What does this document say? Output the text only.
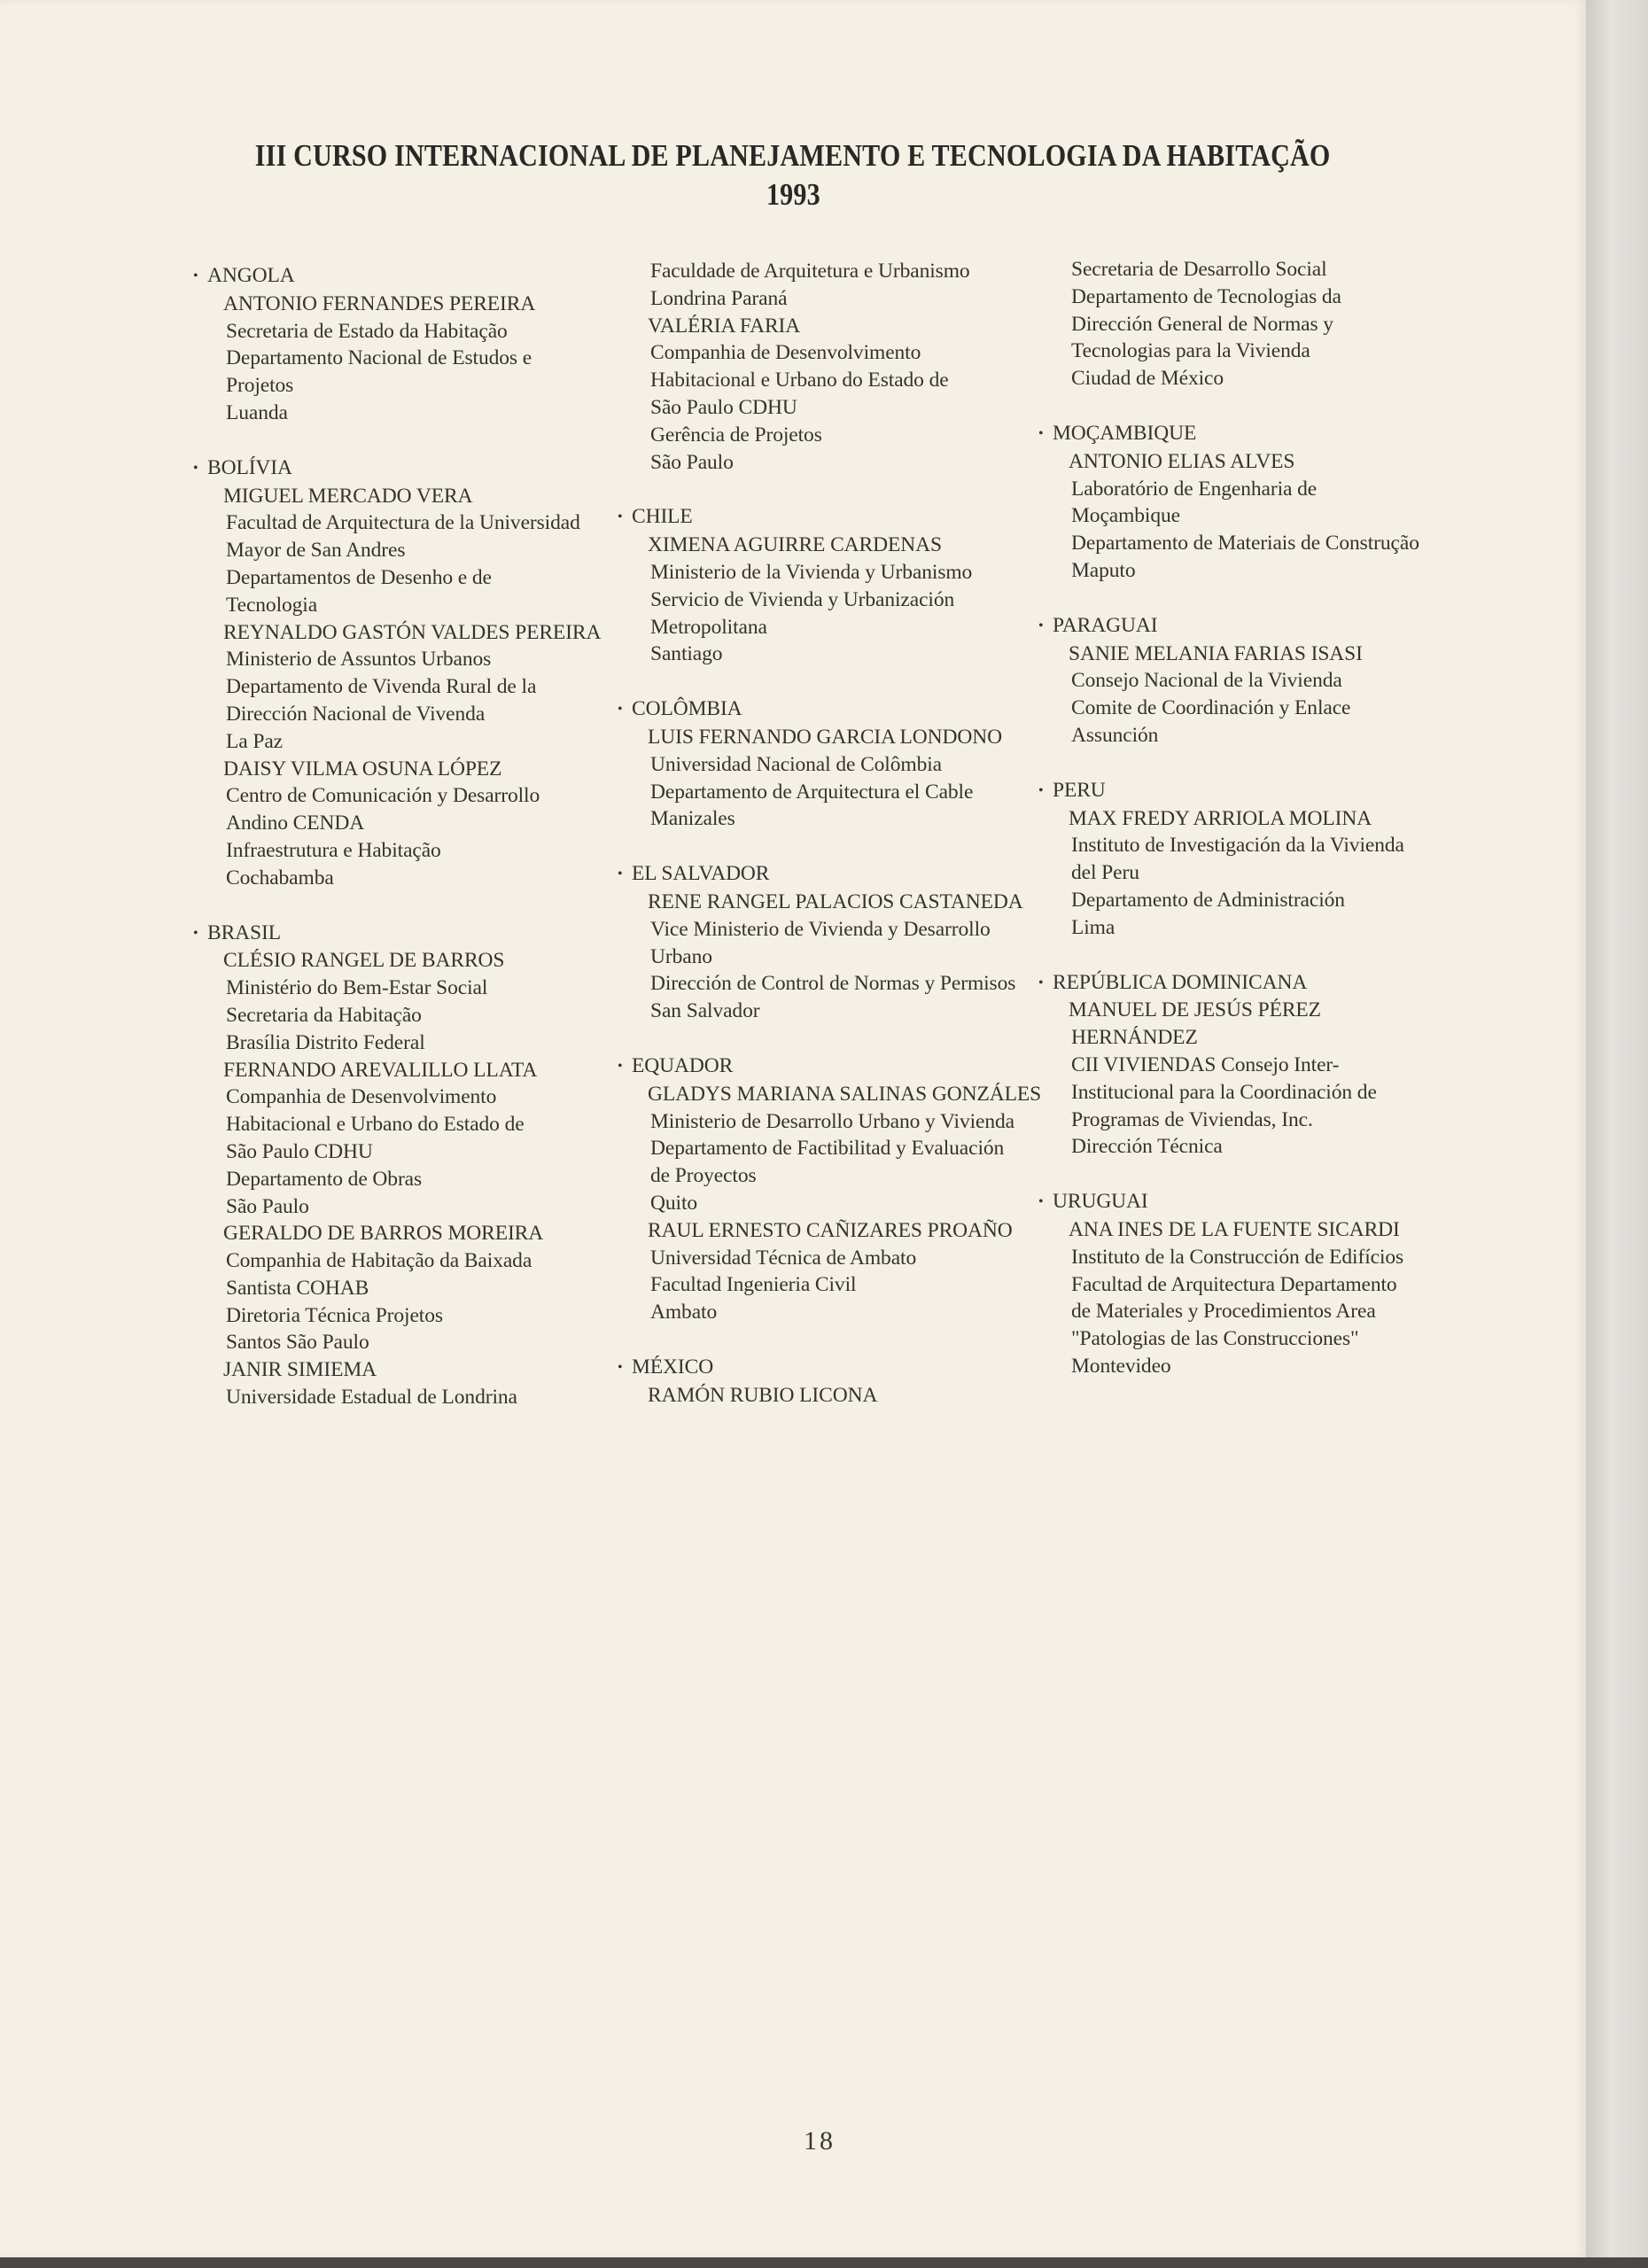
III CURSO INTERNACIONAL DE PLANEJAMENTO E TECNOLOGIA DA HABITAÇÃO
1993
• ANGOLA
ANTONIO FERNANDES PEREIRA
Secretaria de Estado da Habitação
Departamento Nacional de Estudos e
Projetos
Luanda
• BOLÍVIA
MIGUEL MERCADO VERA
Facultad de Arquitectura de la Universidad
Mayor de San Andres
Departamentos de Desenho e de
Tecnologia
REYNALDO GASTÓN VALDES PEREIRA
Ministerio de Assuntos Urbanos
Departamento de Vivenda Rural de la
Dirección Nacional de Vivenda
La Paz
DAISY VILMA OSUNA LÓPEZ
Centro de Comunicación y Desarrollo
Andino CENDA
Infraestrutura e Habitação
Cochabamba
• BRASIL
CLÉSIO RANGEL DE BARROS
Ministério do Bem-Estar Social
Secretaria da Habitação
Brasília Distrito Federal
FERNANDO AREVALILLO LLATA
Companhia de Desenvolvimento
Habitacional e Urbano do Estado de
São Paulo CDHU
Departamento de Obras
São Paulo
GERALDO DE BARROS MOREIRA
Companhia de Habitação da Baixada
Santista COHAB
Diretoria Técnica Projetos
Santos São Paulo
JANIR SIMIEMA
Universidade Estadual de Londrina
Faculdade de Arquitetura e Urbanismo
Londrina Paraná
VALÉRIA FARIA
Companhia de Desenvolvimento
Habitacional e Urbano do Estado de
São Paulo CDHU
Gerência de Projetos
São Paulo
• CHILE
XIMENA AGUIRRE CARDENAS
Ministerio de la Vivienda y Urbanismo
Servicio de Vivienda y Urbanización
Metropolitana
Santiago
• COLÔMBIA
LUIS FERNANDO GARCIA LONDONO
Universidad Nacional de Colômbia
Departamento de Arquitectura el Cable
Manizales
• EL SALVADOR
RENE RANGEL PALACIOS CASTANEDA
Vice Ministerio de Vivienda y Desarrollo
Urbano
Dirección de Control de Normas y Permisos
San Salvador
• EQUADOR
GLADYS MARIANA SALINAS GONZÁLES
Ministerio de Desarrollo Urbano y Vivienda
Departamento de Factibilitad y Evaluación
de Proyectos
Quito
RAUL ERNESTO CAÑIZARES PROAÑO
Universidad Técnica de Ambato
Facultad Ingenieria Civil
Ambato
• MÉXICO
RAMÓN RUBIO LICONA
Secretaria de Desarrollo Social
Departamento de Tecnologias da
Dirección General de Normas y
Tecnologias para la Vivienda
Ciudad de México
• MOÇAMBIQUE
ANTONIO ELIAS ALVES
Laboratório de Engenharia de
Moçambique
Departamento de Materiais de Construção
Maputo
• PARAGUAI
SANIE MELANIA FARIAS ISASI
Consejo Nacional de la Vivienda
Comite de Coordinación y Enlace
Assunción
• PERU
MAX FREDY ARRIOLA MOLINA
Instituto de Investigación da la Vivienda
del Peru
Departamento de Administración
Lima
• REPÚBLICA DOMINICANA
MANUEL DE JESÚS PÉREZ
HERNÁNDEZ
CII VIVIENDAS Consejo Inter-
Institucional para la Coordinación de
Programas de Viviendas, Inc.
Dirección Técnica
• URUGUAI
ANA INES DE LA FUENTE SICARDI
Instituto de la Construcción de Edifícios
Facultad de Arquitectura Departamento
de Materiales y Procedimientos Area
"Patologias de las Construcciones"
Montevideo
18
